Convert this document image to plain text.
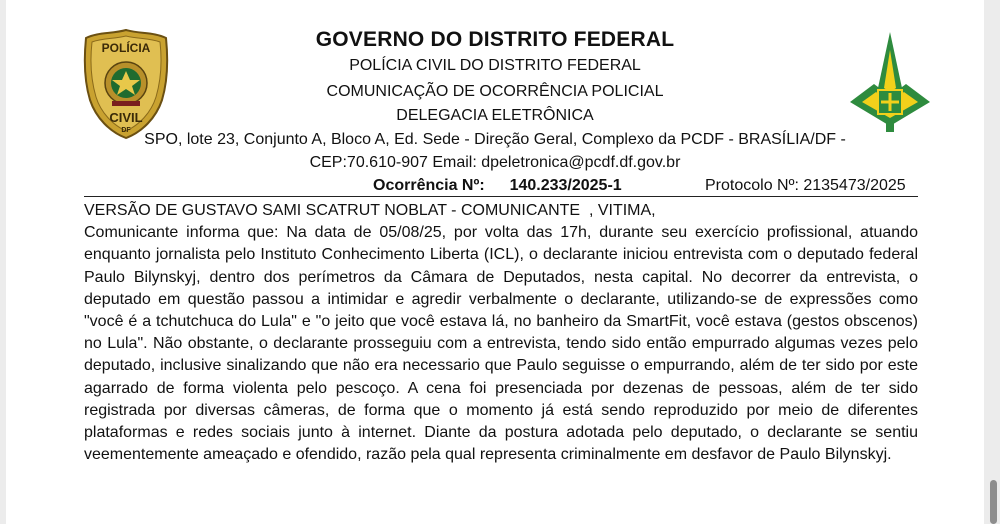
POLÍCIA
CIVIL
DF
GOVERNO DO DISTRITO FEDERAL
POLÍCIA CIVIL DO DISTRITO FEDERAL
COMUNICAÇÃO DE OCORRÊNCIA POLICIAL
DELEGACIA ELETRÔNICA
SPO, lote 23, Conjunto A, Bloco A, Ed. Sede - Direção Geral, Complexo da PCDF - BRASÍLIA/DF -
CEP:70.610-907 Email: dpeletronica@pcdf.df.gov.br
Ocorrência Nº: 140.233/2025-1	Protocolo Nº: 2135473/2025

VERSÃO DE GUSTAVO SAMI SCATRUT NOBLAT - COMUNICANTE  , VITIMA,

Comunicante informa que: Na data de 05/08/25, por volta das 17h, durante seu exercício profissional, atuando enquanto jornalista pelo Instituto Conhecimento Liberta (ICL), o declarante iniciou entrevista com o deputado federal Paulo Bilynskyj, dentro dos perímetros da Câmara de Deputados, nesta capital. No decorrer da entrevista, o deputado em questão passou a intimidar e agredir verbalmente o declarante, utilizando-se de expressões como "você é a tchutchuca do Lula" e "o jeito que você estava lá, no banheiro da SmartFit, você estava (gestos obscenos) no Lula". Não obstante, o declarante prosseguiu com a entrevista, tendo sido então empurrado algumas vezes pelo deputado, inclusive sinalizando que não era necessario que Paulo seguisse o empurrando, além de ter sido por este agarrado de forma violenta pelo pescoço. A cena foi presenciada por dezenas de pessoas, além de ter sido registrada por diversas câmeras, de forma que o momento já está sendo reproduzido por meio de diferentes plataformas e redes sociais junto à internet. Diante da postura adotada pelo deputado, o declarante se sentiu veementemente ameaçado e ofendido, razão pela qual representa criminalmente em desfavor de Paulo Bilynskyj.
